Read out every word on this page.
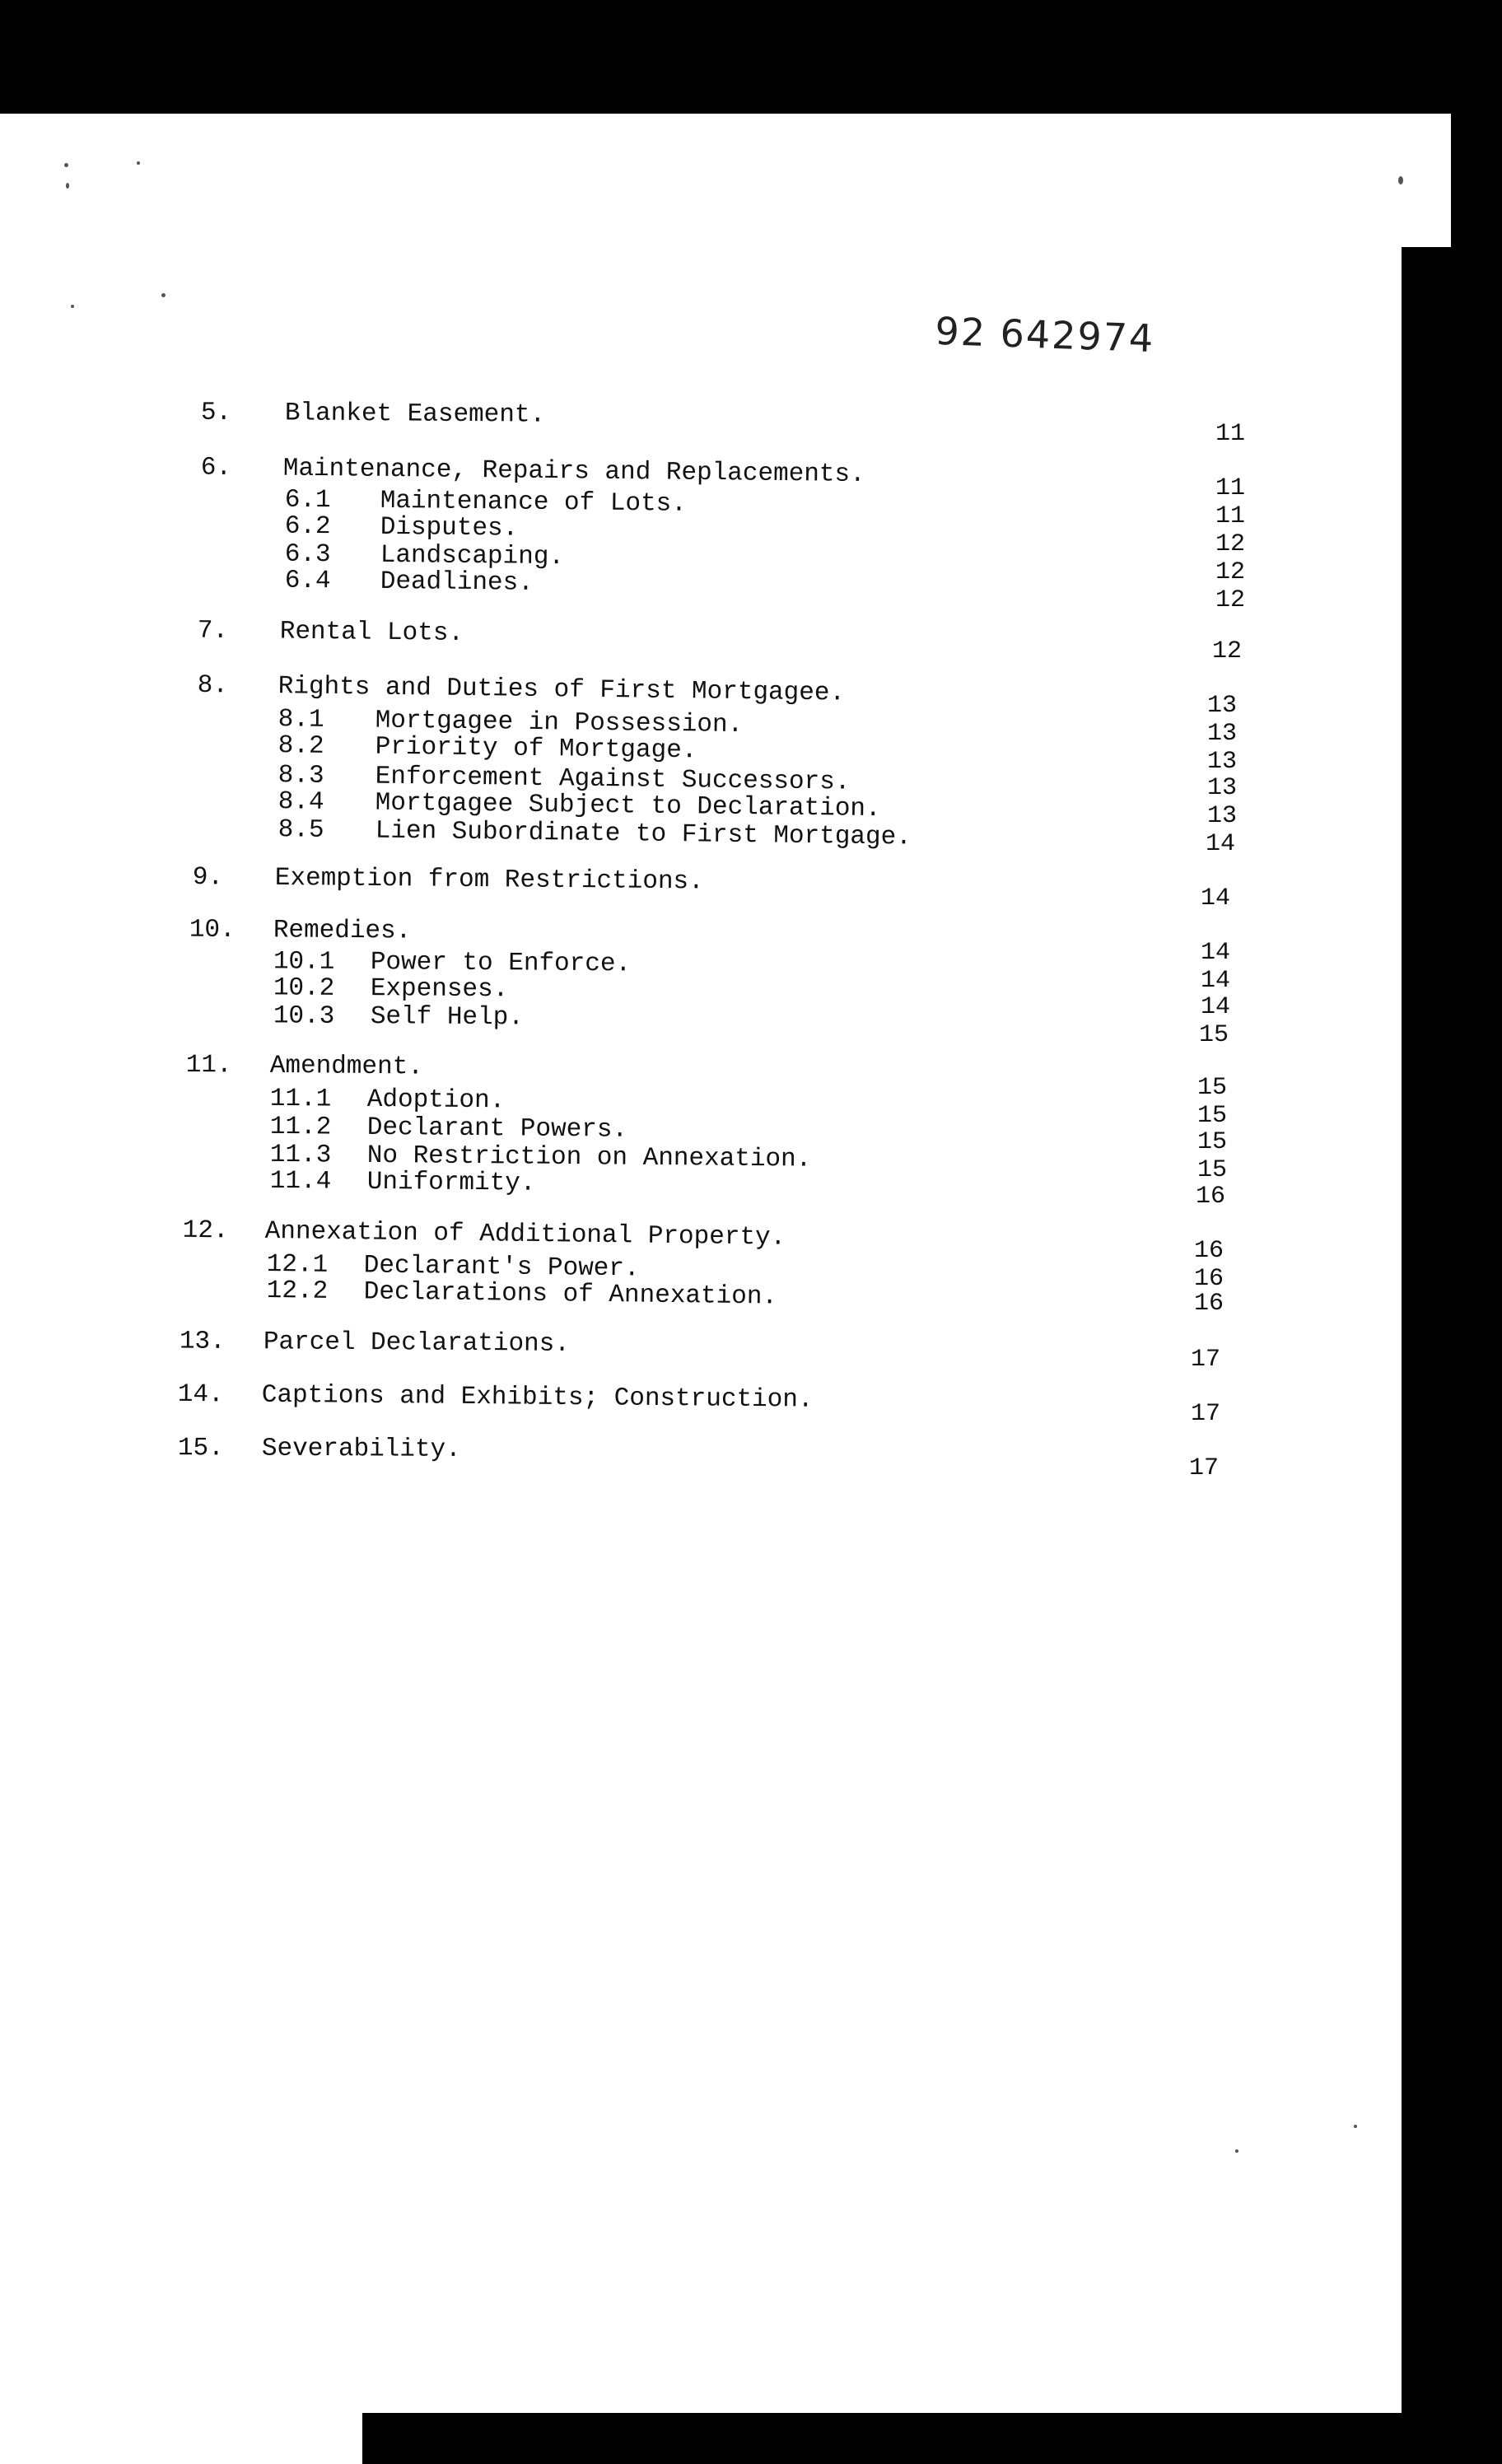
92 642974
5. Blanket Easement.
6. Maintenance, Repairs and Replacements.
6.1 Maintenance of Lots.
6.2 Disputes.
6.3 Landscaping.
6.4 Deadlines.
7. Rental Lots.
8. Rights and Duties of First Mortgagee.
8.1 Mortgagee in Possession.
8.2 Priority of Mortgage.
8.3 Enforcement Against Successors.
8.4 Mortgagee Subject to Declaration.
8.5 Lien Subordinate to First Mortgage.
9. Exemption from Restrictions.
10. Remedies.
10.1 Power to Enforce.
10.2 Expenses.
10.3 Self Help.
11. Amendment.
11.1 Adoption.
11.2 Declarant Powers.
11.3 No Restriction on Annexation.
11.4 Uniformity.
12. Annexation of Additional Property.
12.1 Declarant's Power.
12.2 Declarations of Annexation.
13. Parcel Declarations.
14. Captions and Exhibits; Construction.
15. Severability.
11
11
11
12
12
12
12
13
13
13
13
13
14
14
14
14
14
15
15
15
15
15
16
16
16
16
17
17
17
